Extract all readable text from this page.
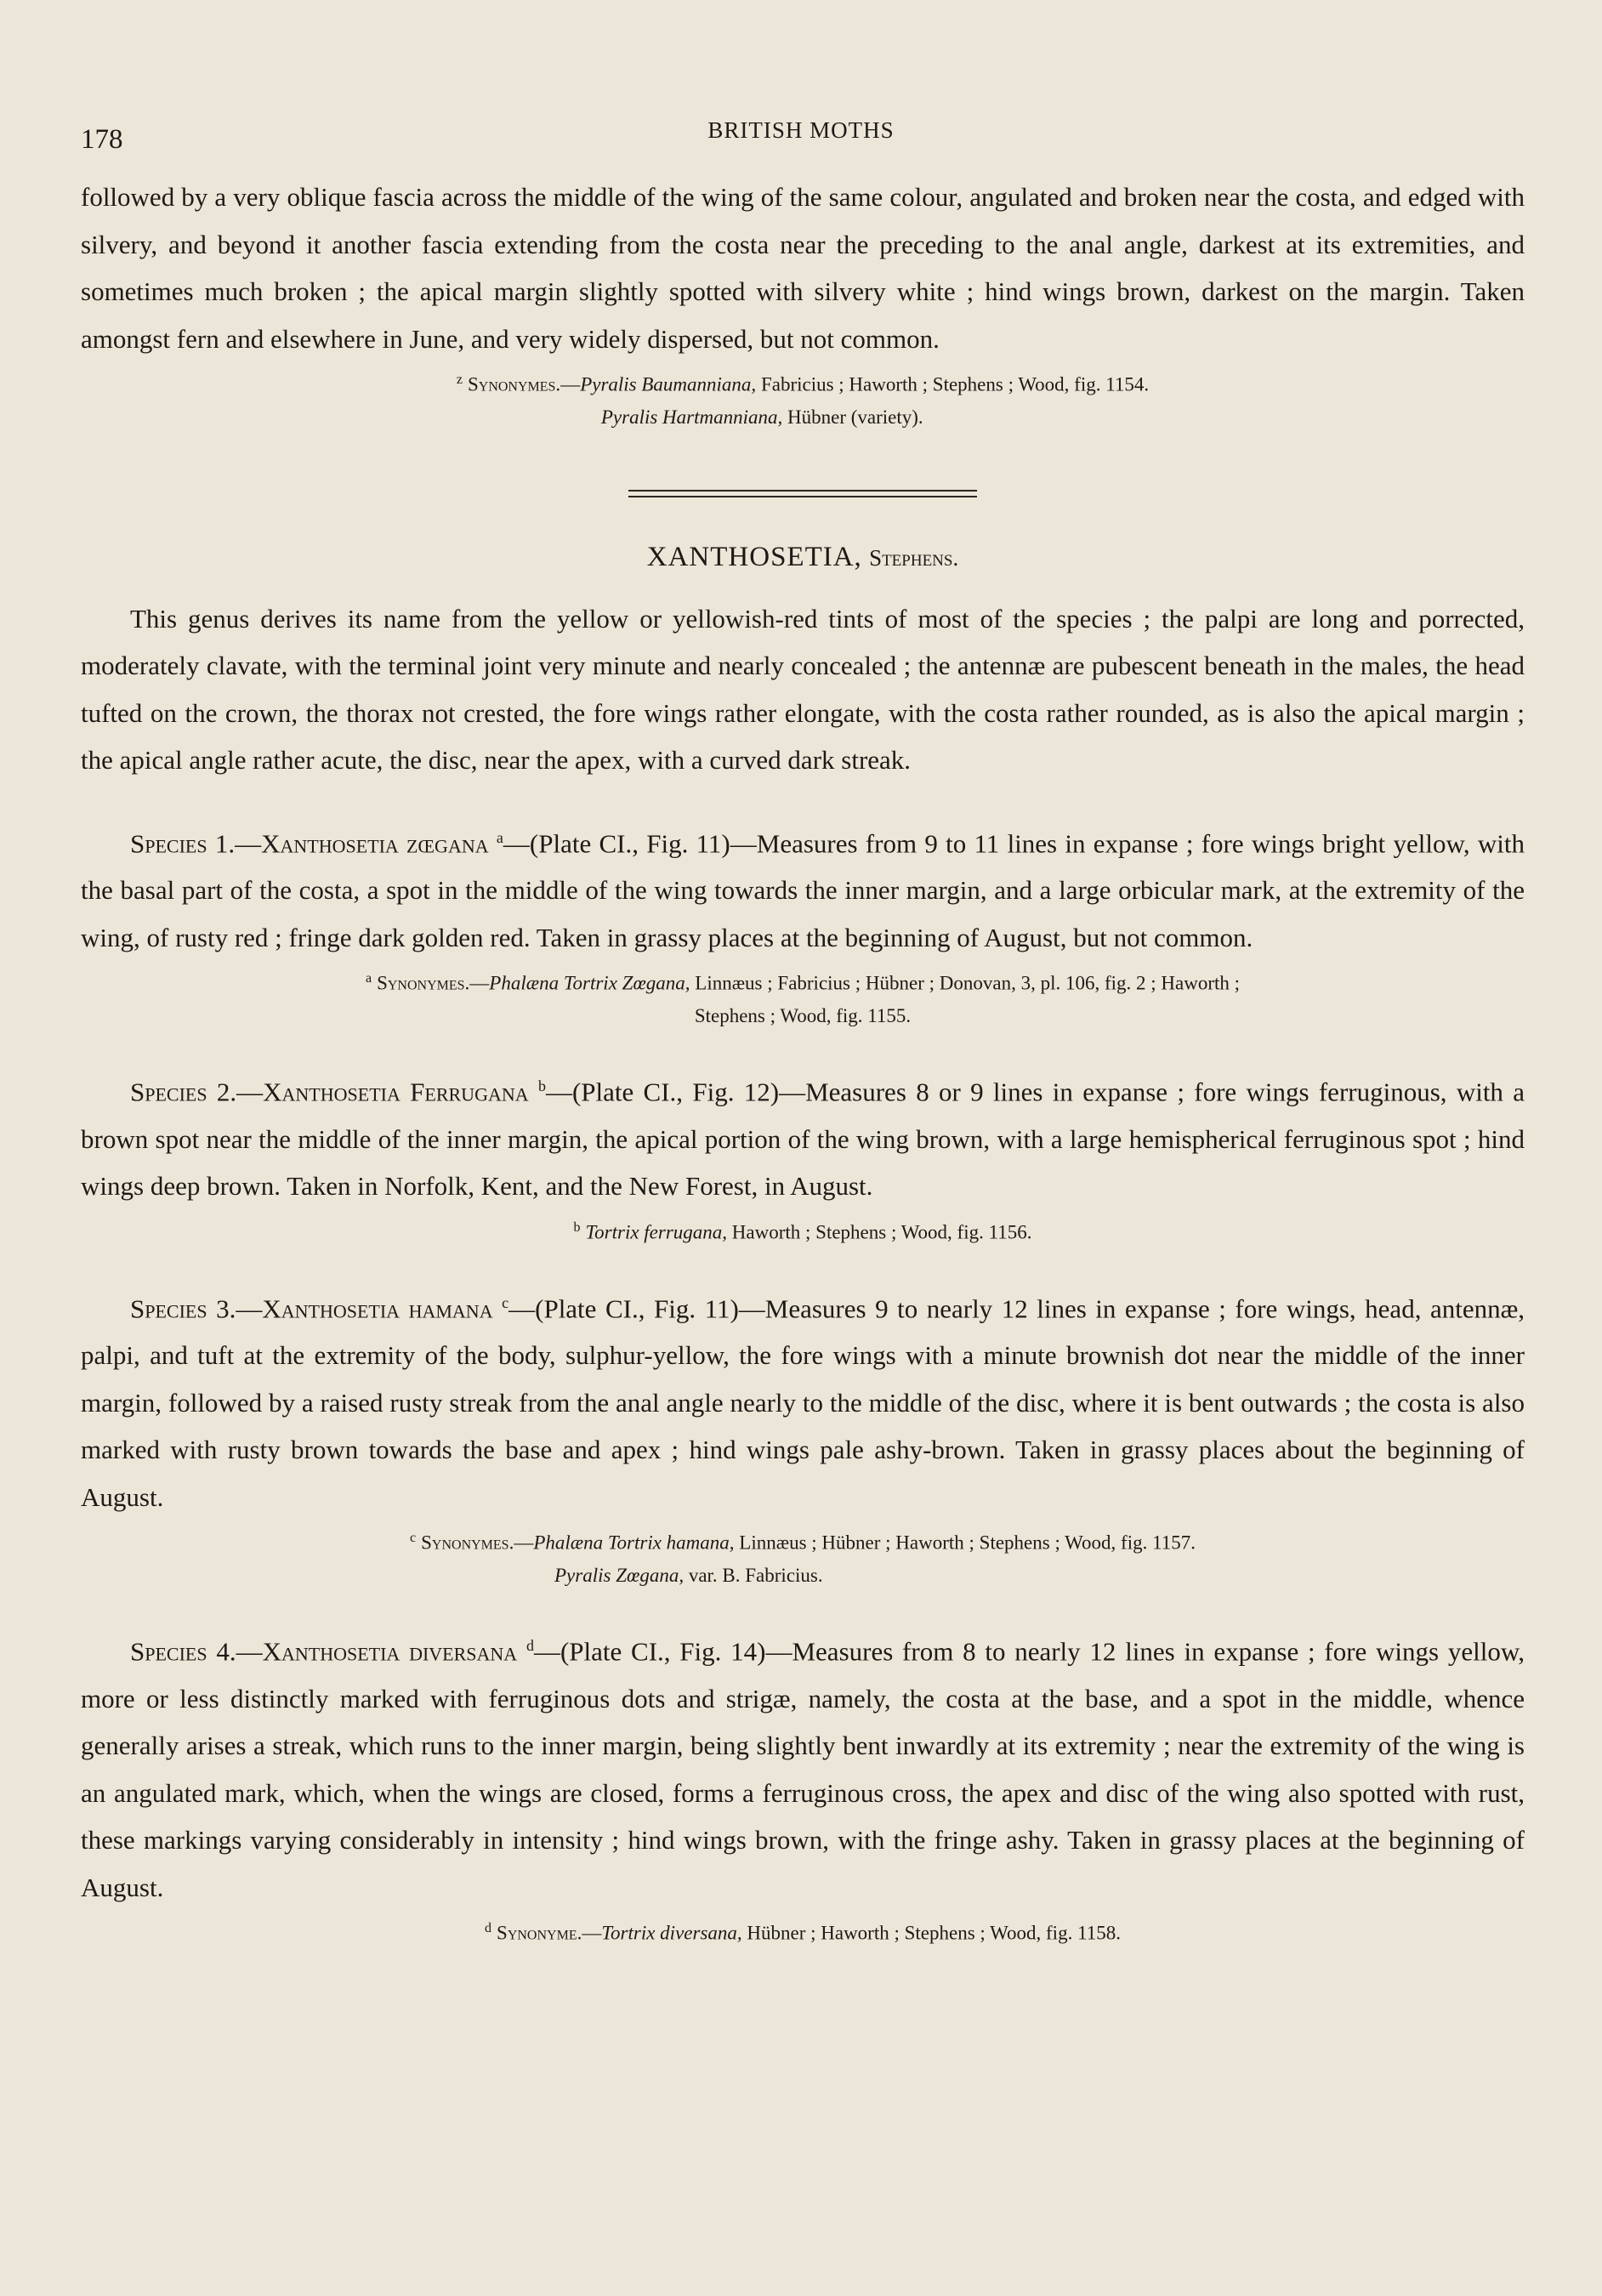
178	BRITISH MOTHS

followed by a very oblique fascia across the middle of the wing of the same colour, angulated and broken near the costa, and edged with silvery, and beyond it another fascia extending from the costa near the preceding to the anal angle, darkest at its extremities, and sometimes much broken ; the apical margin slightly spotted with silvery white ; hind wings brown, darkest on the margin. Taken amongst fern and elsewhere in June, and very widely dispersed, but not common.

$^z$ Synonymes.—Pyralis Baumanniana, Fabricius ; Haworth ; Stephens ; Wood, fig. 1154.
Pyralis Hartmanniana, Hübner (variety).
XANTHOSETIA, Stephens.

This genus derives its name from the yellow or yellowish-red tints of most of the species ; the palpi are long and porrected, moderately clavate, with the terminal joint very minute and nearly concealed ; the antennæ are pubescent beneath in the males, the head tufted on the crown, the thorax not crested, the fore wings rather elongate, with the costa rather rounded, as is also the apical margin ; the apical angle rather acute, the disc, near the apex, with a curved dark streak.

Species 1.—Xanthosetia zœgana $^a$—(Plate CI., Fig. 11)—Measures from 9 to 11 lines in expanse ; fore wings bright yellow, with the basal part of the costa, a spot in the middle of the wing towards the inner margin, and a large orbicular mark, at the extremity of the wing, of rusty red ; fringe dark golden red. Taken in grassy places at the beginning of August, but not common.

$^a$ Synonymes.—Phalæna Tortrix Zœgana, Linnæus ; Fabricius ; Hübner ; Donovan, 3, pl. 106, fig. 2 ; Haworth ;
Stephens ; Wood, fig. 1155.

Species 2.—Xanthosetia Ferrugana $^b$—(Plate CI., Fig. 12)—Measures 8 or 9 lines in expanse ; fore wings ferruginous, with a brown spot near the middle of the inner margin, the apical portion of the wing brown, with a large hemispherical ferruginous spot ; hind wings deep brown. Taken in Norfolk, Kent, and the New Forest, in August.

$^b$ Tortrix ferrugana, Haworth ; Stephens ; Wood, fig. 1156.

Species 3.—Xanthosetia hamana $^c$—(Plate CI., Fig. 11)—Measures 9 to nearly 12 lines in expanse ; fore wings, head, antennæ, palpi, and tuft at the extremity of the body, sulphur-yellow, the fore wings with a minute brownish dot near the middle of the inner margin, followed by a raised rusty streak from the anal angle nearly to the middle of the disc, where it is bent outwards ; the costa is also marked with rusty brown towards the base and apex ; hind wings pale ashy-brown. Taken in grassy places about the beginning of August.

$^c$ Synonymes.—Phalæna Tortrix hamana, Linnæus ; Hübner ; Haworth ; Stephens ; Wood, fig. 1157.
Pyralis Zœgana, var. B. Fabricius.

Species 4.—Xanthosetia diversana $^d$—(Plate CI., Fig. 14)—Measures from 8 to nearly 12 lines in expanse ; fore wings yellow, more or less distinctly marked with ferruginous dots and strigæ, namely, the costa at the base, and a spot in the middle, whence generally arises a streak, which runs to the inner margin, being slightly bent inwardly at its extremity ; near the extremity of the wing is an angulated mark, which, when the wings are closed, forms a ferruginous cross, the apex and disc of the wing also spotted with rust, these markings varying considerably in intensity ; hind wings brown, with the fringe ashy. Taken in grassy places at the beginning of August.

$^d$ Synonyme.—Tortrix diversana, Hübner ; Haworth ; Stephens ; Wood, fig. 1158.
